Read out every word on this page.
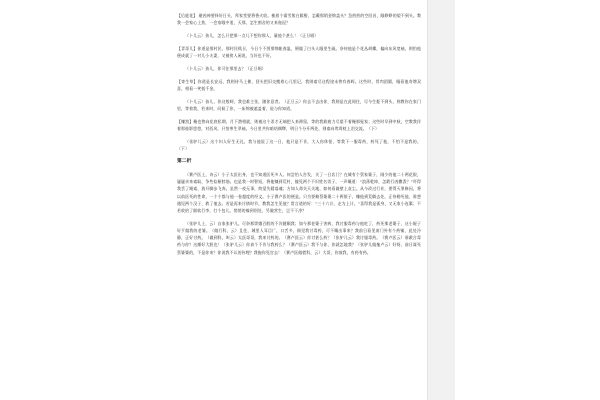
【后庭花】 避凶神要择好日头，拜家堂要将香火收。梳着个霜雪般白鬏髻，怎戴那销金锦盖头？急煎煎的空回首，眼睁睁的望不到头。教我一会家心上焦，一会家眼中羞，天那，怎生割舍的又来迤逗？

（卜儿云）孩儿，怎么只把那一点儿不想你那人，量他个甚么！（正旦唱）

【青哥儿】你道是那村民、那村民贱丑，今日个不图那锦帐春温，倒做了白头人眼里生疏。奈何他是个花丛胡蝶，偏向东风宽袖，则怕他便成就了一对儿小夫妻，又被傍人闲说，当好也不好。

（卜儿云）孩儿，你可往那里去？（正旦唱）

【寄生草】你道是长安远，我则待马上催，回头把旧交搬着心儿里记，我则索尽这程途未曾有春晖。这些时，骨肉团圆，眼看他寿增双喜，相看一笑抵千金。

（卜儿云）孩儿，你这般呵，我也难主张，随你意者。（正旦云）你去不去由你，我则是在此间住，尽今生捱不到头，则教你在家门里，等着我，若来时，问候了你，一床锦被遮盖着，说与你知道。

【赚煞】俺也曾向花底私期，月下潜相就，则被这个杀才无端把人来滞留，等的我筋疲力尽望不着俺那冤家；这些时早到中秋，空教我伴着那桂影悠悠，对西风，只怕寒生翠袖。今日里共你暗结绸缪，明日个分开两处，则索向鸳鸯枕上泪交流。（下）

（张驴儿云）这个妇人好生无礼，我与他说了这一日，他只是不肯，大人你休怪，等我下一服毒药，药死了他，不怕不是我的。（下）

第二折

（赛卢医上，诗云）小子太医出身，也不知道医死多人。何尝怕人告发，关了一日店门？在城有个蔡家婆子，刚少的他二十两花银，屡屡亲来索取，争些捻断脖筋。也是我一时智短，将他赚到荒村，撞见两个不识姓名男子，一声嚷道：“浪荡乾坤，怎敢行凶撒泼？”吓得我丢了绳索，放开脚步飞奔。虽然一夜无事，终觉失精落魂；方知人命关天关地，如何看做壁上灰尘。从今改过行业，要得灭罪修因，将以前医死的性命，一个个都与他一卷超度的经文。小子赛卢医的便是。只为要赖蔡婆婆二十两银子，赚他到荒僻去处，正待勒死他，谁想遇见两个汉子，救了他去。若是再来讨债时节，教我怎生见他？常言道的好：“三十六计，走为上计。”喜得我是孤身，又无家小连累；不若收拾了细软行李，打个包儿，悄悄的躲到别处，另做营生，岂不干净？

（张驴儿上，云）自家张驴儿。可奈那窦娥百般的不肯随顺我；如今那老婆子害病，我讨服毒药与他吃了，药死那老婆子，这小妮子好歹做我的老婆。（做行科，云）且住，城里人耳目广，口舌多，倘见我讨毒药，可不嚷出事来？我前日看见南门外有个药铺，此处冷静，正好讨药。（做到科，叫云）太医哥哥，我来讨药的。（赛卢医云）你讨甚么药？（张驴儿云）我讨服毒药。（赛卢医云）谁敢合毒药与你？这厮好大胆也！（张驴儿云）你真个不肯与我药么？（赛卢医云）我不与你，你就怎地我？（张驴儿做拖卢云）好呀，前日谋死蔡婆婆的，不是你来？你说我不认的你哩？我拖你见官去！（赛卢医做慌科，云）大哥，你放我，有药有药。
